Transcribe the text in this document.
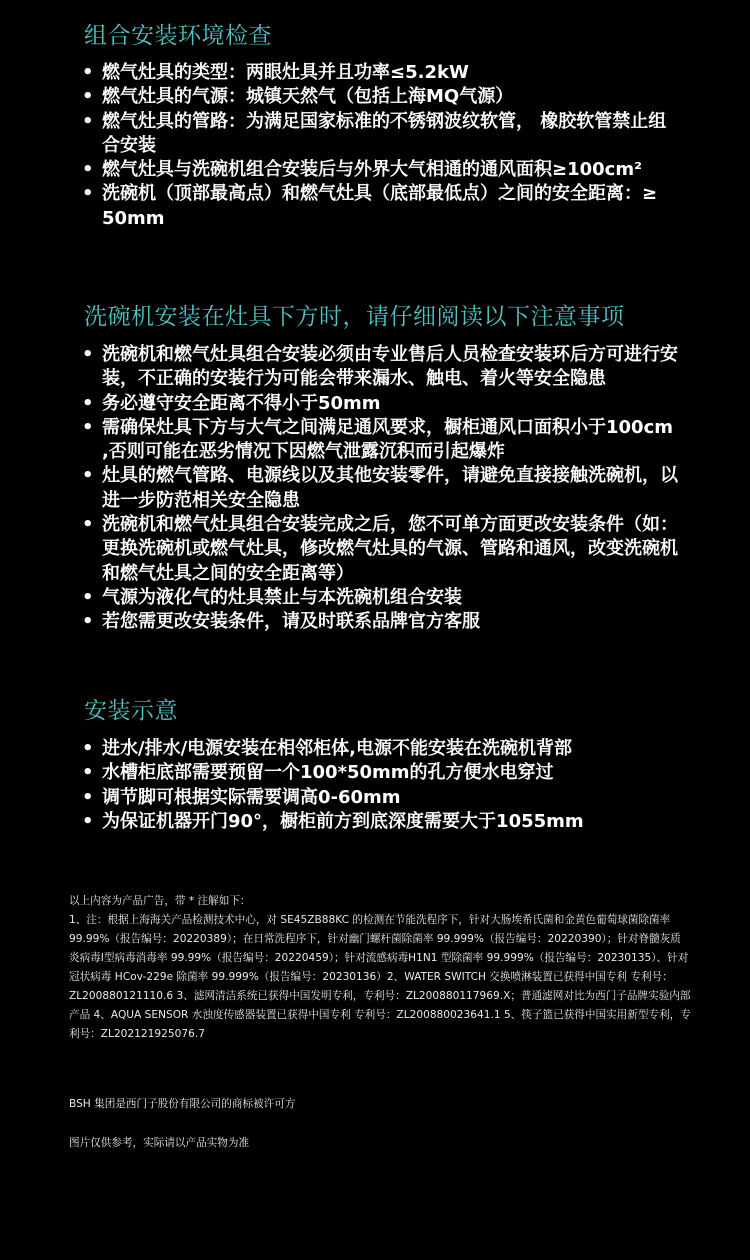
组合安装环境检查
• 燃气灶具的类型：两眼灶具并且功率≤5.2kW
• 燃气灶具的气源：城镇天然气（包括上海MQ气源）
• 燃气灶具的管路：为满足国家标准的不锈钢波纹软管， 橡胶软管禁止组合安装
• 燃气灶具与洗碗机组合安装后与外界大气相通的通风面积≥100cm²
• 洗碗机（顶部最高点）和燃气灶具（底部最低点）之间的安全距离：≥ 50mm
洗碗机安装在灶具下方时，请仔细阅读以下注意事项
• 洗碗机和燃气灶具组合安装必须由专业售后人员检查安装环后方可进行安装，不正确的安装行为可能会带来漏水、触电、着火等安全隐患
• 务必遵守安全距离不得小于50mm
• 需确保灶具下方与大气之间满足通风要求，橱柜通风口面积小于100cm ,否则可能在恶劣情况下因燃气泄露沉积而引起爆炸
• 灶具的燃气管路、电源线以及其他安装零件，请避免直接接触洗碗机，以进一步防范相关安全隐患
• 洗碗机和燃气灶具组合安装完成之后，您不可单方面更改安装条件（如：更换洗碗机或燃气灶具，修改燃气灶具的气源、管路和通风，改变洗碗机和燃气灶具之间的安全距离等）
• 气源为液化气的灶具禁止与本洗碗机组合安装
• 若您需更改安装条件，请及时联系品牌官方客服
安装示意
• 进水/排水/电源安装在相邻柜体,电源不能安装在洗碗机背部
• 水槽柜底部需要预留一个100*50mm的孔方便水电穿过
• 调节脚可根据实际需要调高0-60mm
• 为保证机器开门90°，橱柜前方到底深度需要大于1055mm

以上内容为产品广告，带 * 注解如下：

1、注：根据上海海关产品检测技术中心，对 SE45ZB88KC 的检测在节能洗程序下，针对大肠埃希氏菌和金黄色葡萄球菌除菌率 99.99%（报告编号：20220389）；在日常洗程序下，针对幽门螺杆菌除菌率 99.999%（报告编号：20220390）；针对脊髓灰质炎病毒I型病毒消毒率 99.99%（报告编号：20220459）；针对流感病毒H1N1 型除菌率 99.999%（报告编号：20230135）、针对冠状病毒 HCov-229e 除菌率 99.999%（报告编号：20230136）2、WATER SWITCH 交换喷淋装置已获得中国专利 专利号：ZL200880121110.6 3、滤网清洁系统已获得中国发明专利，专利号：ZL200880117969.X；普通滤网对比为西门子品牌实验内部产品 4、AQUA SENSOR 水浊度传感器装置已获得中国专利 专利号：ZL200880023641.1 5、筷子篮已获得中国实用新型专利，专利号：ZL202121925076.7

BSH 集团是西门子股份有限公司的商标被许可方

图片仅供参考，实际请以产品实物为准
